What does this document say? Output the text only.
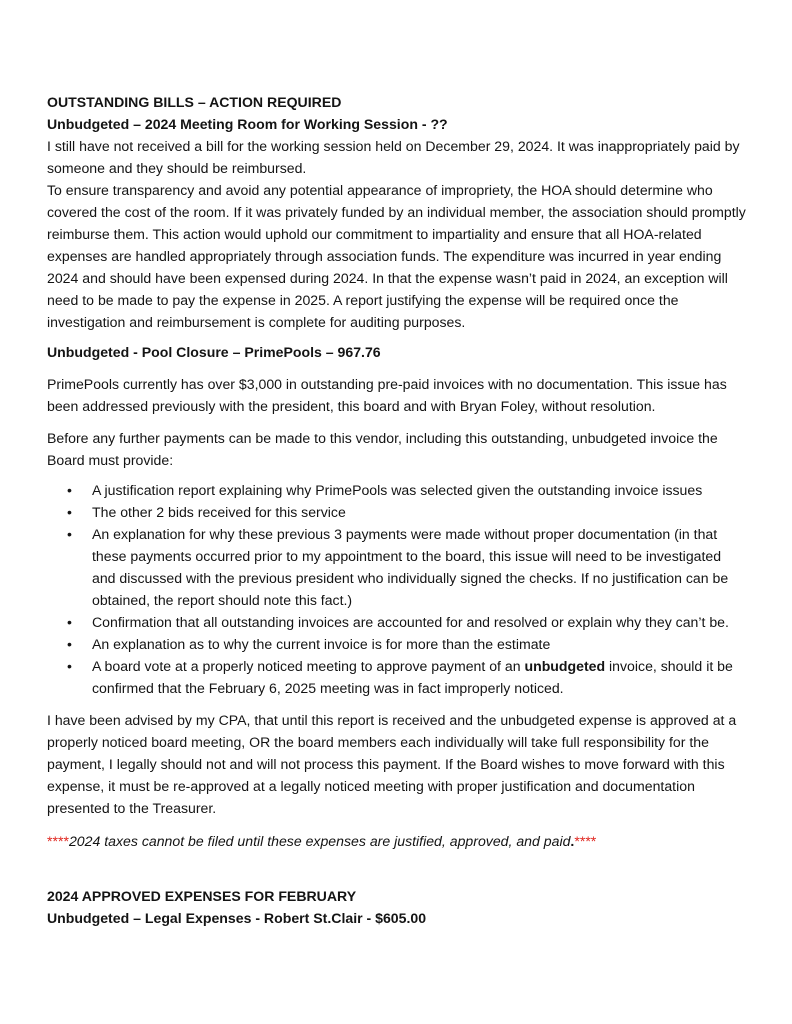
OUTSTANDING BILLS – ACTION REQUIRED

Unbudgeted – 2024 Meeting Room for Working Session - ??

I still have not received a bill for the working session held on December 29, 2024. It was inappropriately paid by someone and they should be reimbursed.

To ensure transparency and avoid any potential appearance of impropriety, the HOA should determine who covered the cost of the room. If it was privately funded by an individual member, the association should promptly reimburse them. This action would uphold our commitment to impartiality and ensure that all HOA-related expenses are handled appropriately through association funds. The expenditure was incurred in year ending 2024 and should have been expensed during 2024. In that the expense wasn’t paid in 2024, an exception will need to be made to pay the expense in 2025. A report justifying the expense will be required once the investigation and reimbursement is complete for auditing purposes.

Unbudgeted - Pool Closure – PrimePools – 967.76

PrimePools currently has over $3,000 in outstanding pre-paid invoices with no documentation. This issue has been addressed previously with the president, this board and with Bryan Foley, without resolution.

Before any further payments can be made to this vendor, including this outstanding, unbudgeted invoice the Board must provide:

• A justification report explaining why PrimePools was selected given the outstanding invoice issues
• The other 2 bids received for this service
• An explanation for why these previous 3 payments were made without proper documentation (in that these payments occurred prior to my appointment to the board, this issue will need to be investigated and discussed with the previous president who individually signed the checks. If no justification can be obtained, the report should note this fact.)
• Confirmation that all outstanding invoices are accounted for and resolved or explain why they can’t be.
• An explanation as to why the current invoice is for more than the estimate
• A board vote at a properly noticed meeting to approve payment of an unbudgeted invoice, should it be confirmed that the February 6, 2025 meeting was in fact improperly noticed.

I have been advised by my CPA, that until this report is received and the unbudgeted expense is approved at a properly noticed board meeting, OR the board members each individually will take full responsibility for the payment, I legally should not and will not process this payment. If the Board wishes to move forward with this expense, it must be re-approved at a legally noticed meeting with proper justification and documentation presented to the Treasurer.

****2024 taxes cannot be filed until these expenses are justified, approved, and paid.****

2024 APPROVED EXPENSES FOR FEBRUARY

Unbudgeted – Legal Expenses - Robert St.Clair - $605.00
